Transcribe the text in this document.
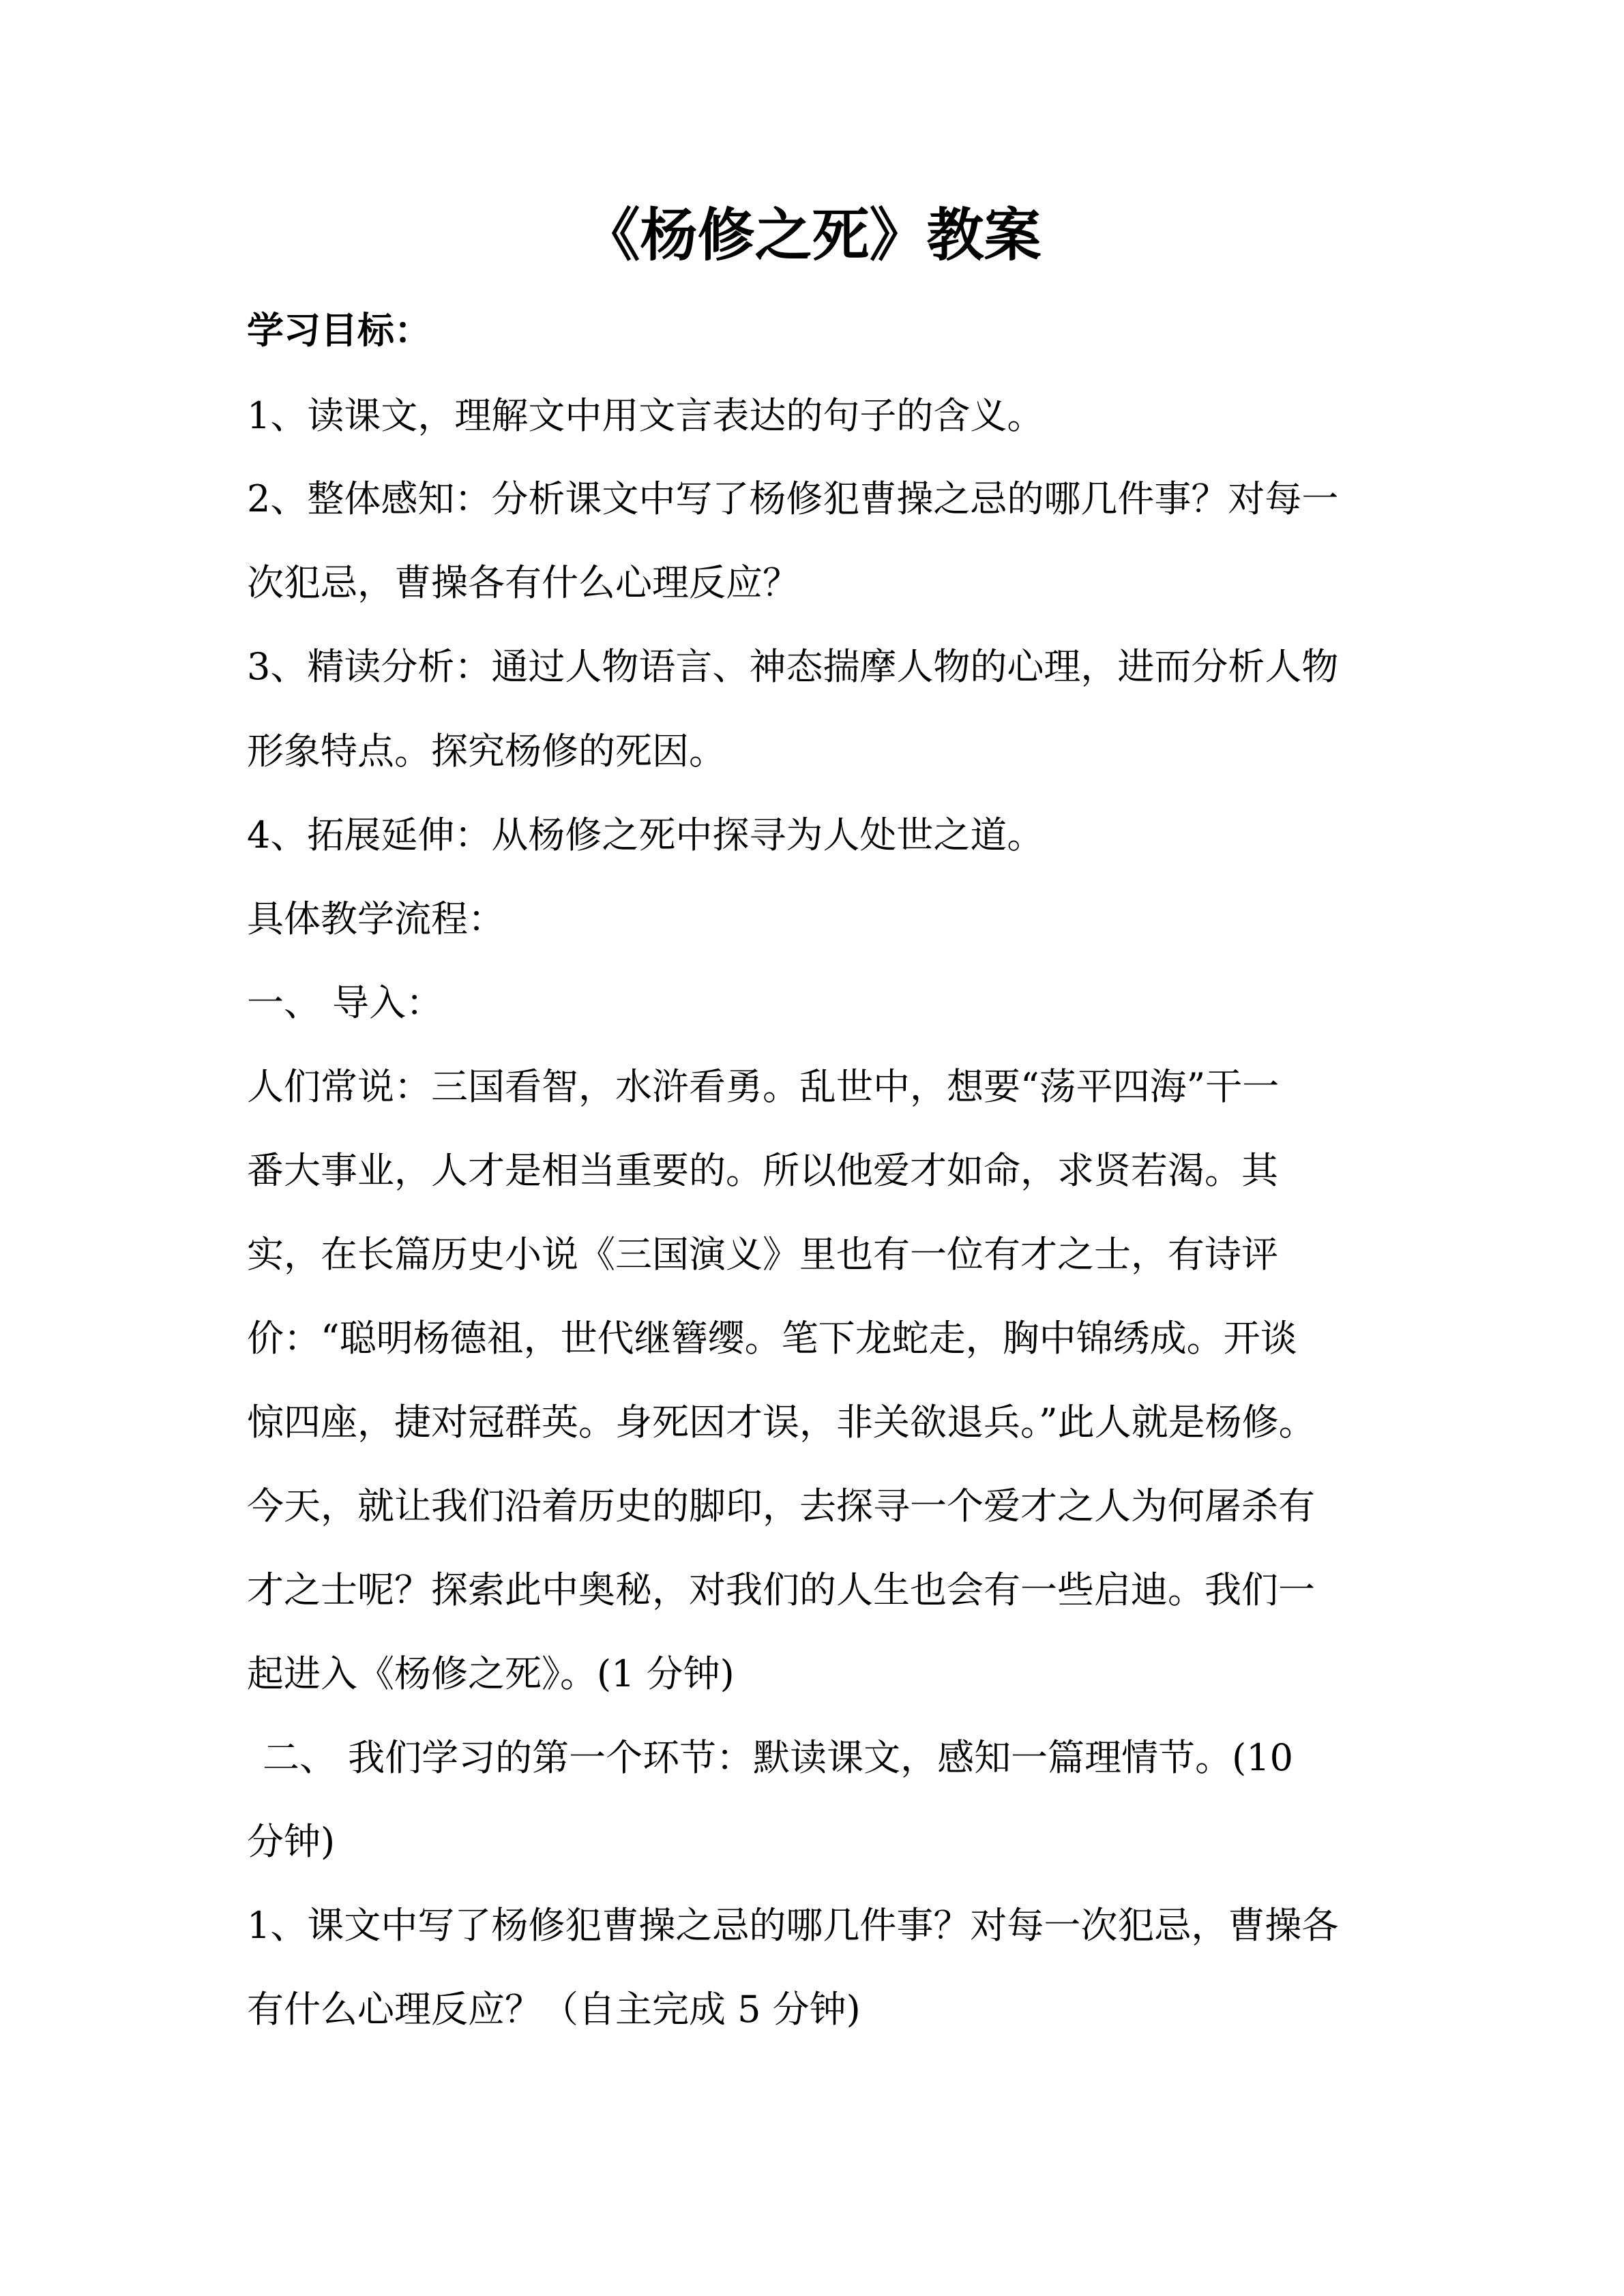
《杨修之死》教案

学习目标：

1、读课文，理解文中用文言表达的句子的含义。

2、整体感知：分析课文中写了杨修犯曹操之忌的哪几件事？对每一

次犯忌，曹操各有什么心理反应？

3、精读分析：通过人物语言、神态揣摩人物的心理，进而分析人物

形象特点。探究杨修的死因。

4、拓展延伸：从杨修之死中探寻为人处世之道。

具体教学流程：

一、 导入：

人们常说：三国看智，水浒看勇。乱世中，想要“荡平四海”干一

番大事业，人才是相当重要的。所以他爱才如命，求贤若渴。其

实，在长篇历史小说《三国演义》里也有一位有才之士，有诗评

价：“聪明杨德祖，世代继簪缨。笔下龙蛇走，胸中锦绣成。开谈

惊四座，捷对冠群英。身死因才误，非关欲退兵。”此人就是杨修。

今天，就让我们沿着历史的脚印，去探寻一个爱才之人为何屠杀有

才之士呢？探索此中奥秘，对我们的人生也会有一些启迪。我们一

起进入《杨修之死》。(1 分钟)

二、 我们学习的第一个环节：默读课文，感知一篇理情节。(10

分钟)

1、课文中写了杨修犯曹操之忌的哪几件事？对每一次犯忌，曹操各

有什么心理反应？（自主完成 5 分钟)
